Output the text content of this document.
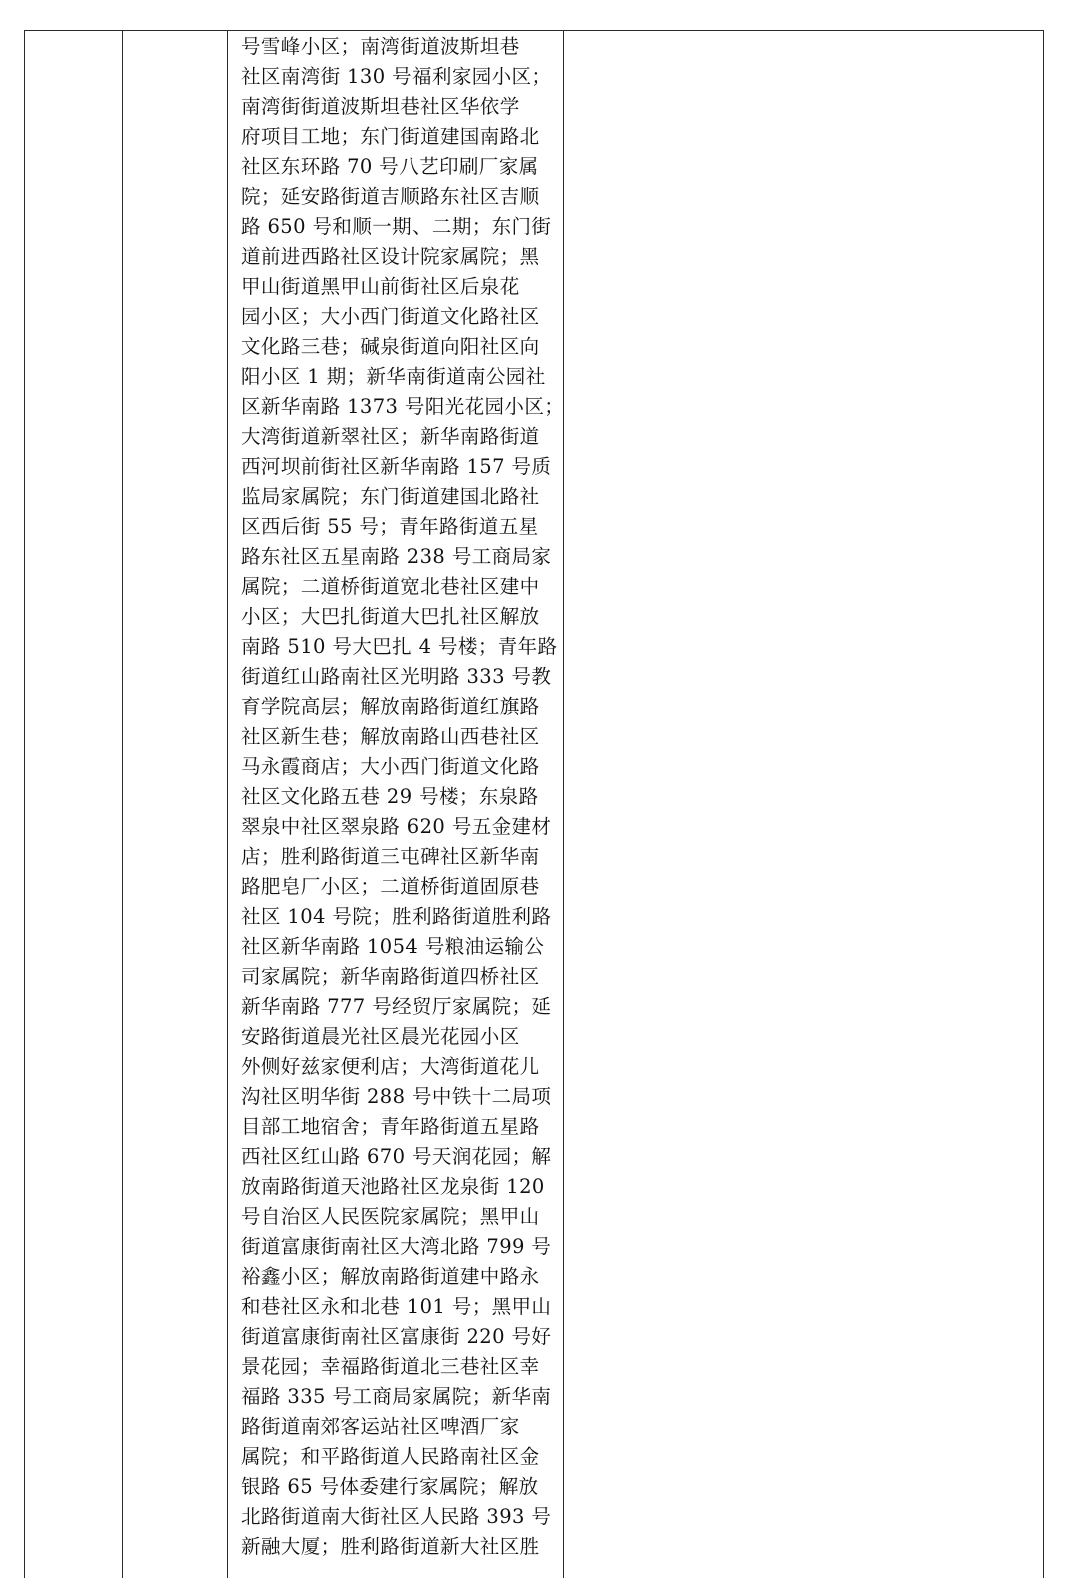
号雪峰小区；南湾街道波斯坦巷
社区南湾街 130 号福利家园小区；
南湾街街道波斯坦巷社区华依学
府项目工地；东门街道建国南路北
社区东环路 70 号八艺印刷厂家属
院；延安路街道吉顺路东社区吉顺
路 650 号和顺一期、二期；东门街
道前进西路社区设计院家属院；黑
甲山街道黑甲山前街社区后泉花
园小区；大小西门街道文化路社区
文化路三巷；碱泉街道向阳社区向
阳小区 1 期；新华南街道南公园社
区新华南路 1373 号阳光花园小区；
大湾街道新翠社区；新华南路街道
西河坝前街社区新华南路 157 号质
监局家属院；东门街道建国北路社
区西后街 55 号；青年路街道五星
路东社区五星南路 238 号工商局家
属院；二道桥街道宽北巷社区建中
小区；大巴扎街道大巴扎社区解放
南路 510 号大巴扎 4 号楼；青年路
街道红山路南社区光明路 333 号教
育学院高层；解放南路街道红旗路
社区新生巷；解放南路山西巷社区
马永霞商店；大小西门街道文化路
社区文化路五巷 29 号楼；东泉路
翠泉中社区翠泉路 620 号五金建材
店；胜利路街道三屯碑社区新华南
路肥皂厂小区；二道桥街道固原巷
社区 104 号院；胜利路街道胜利路
社区新华南路 1054 号粮油运输公
司家属院；新华南路街道四桥社区
新华南路 777 号经贸厅家属院；延
安路街道晨光社区晨光花园小区
外侧好兹家便利店；大湾街道花儿
沟社区明华街 288 号中铁十二局项
目部工地宿舍；青年路街道五星路
西社区红山路 670 号天润花园；解
放南路街道天池路社区龙泉街 120
号自治区人民医院家属院；黑甲山
街道富康街南社区大湾北路 799 号
裕鑫小区；解放南路街道建中路永
和巷社区永和北巷 101 号；黑甲山
街道富康街南社区富康街 220 号好
景花园；幸福路街道北三巷社区幸
福路 335 号工商局家属院；新华南
路街道南郊客运站社区啤酒厂家
属院；和平路街道人民路南社区金
银路 65 号体委建行家属院；解放
北路街道南大街社区人民路 393 号
新融大厦；胜利路街道新大社区胜
